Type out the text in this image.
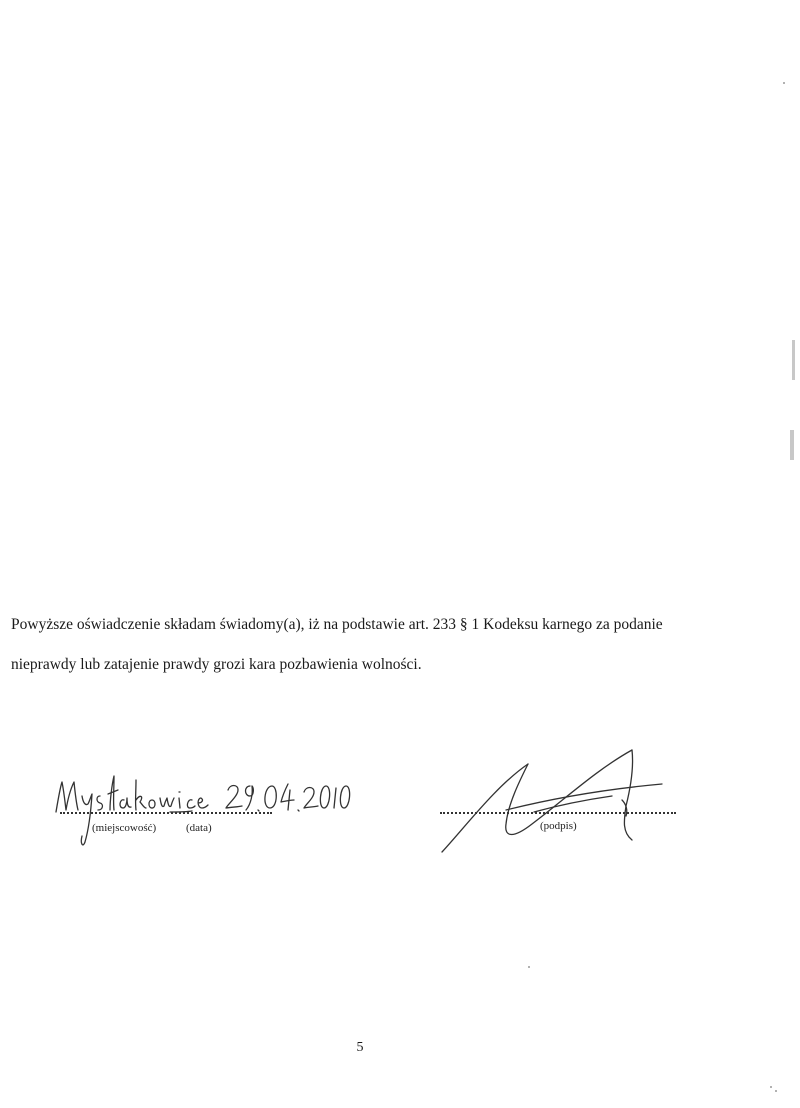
Powyższe oświadczenie składam świadomy(a), iż na podstawie art. 233 § 1 Kodeksu karnego za podanie
nieprawdy lub zatajenie prawdy grozi kara pozbawienia wolności.

(miejscowość)	(data)	(podpis)
5
